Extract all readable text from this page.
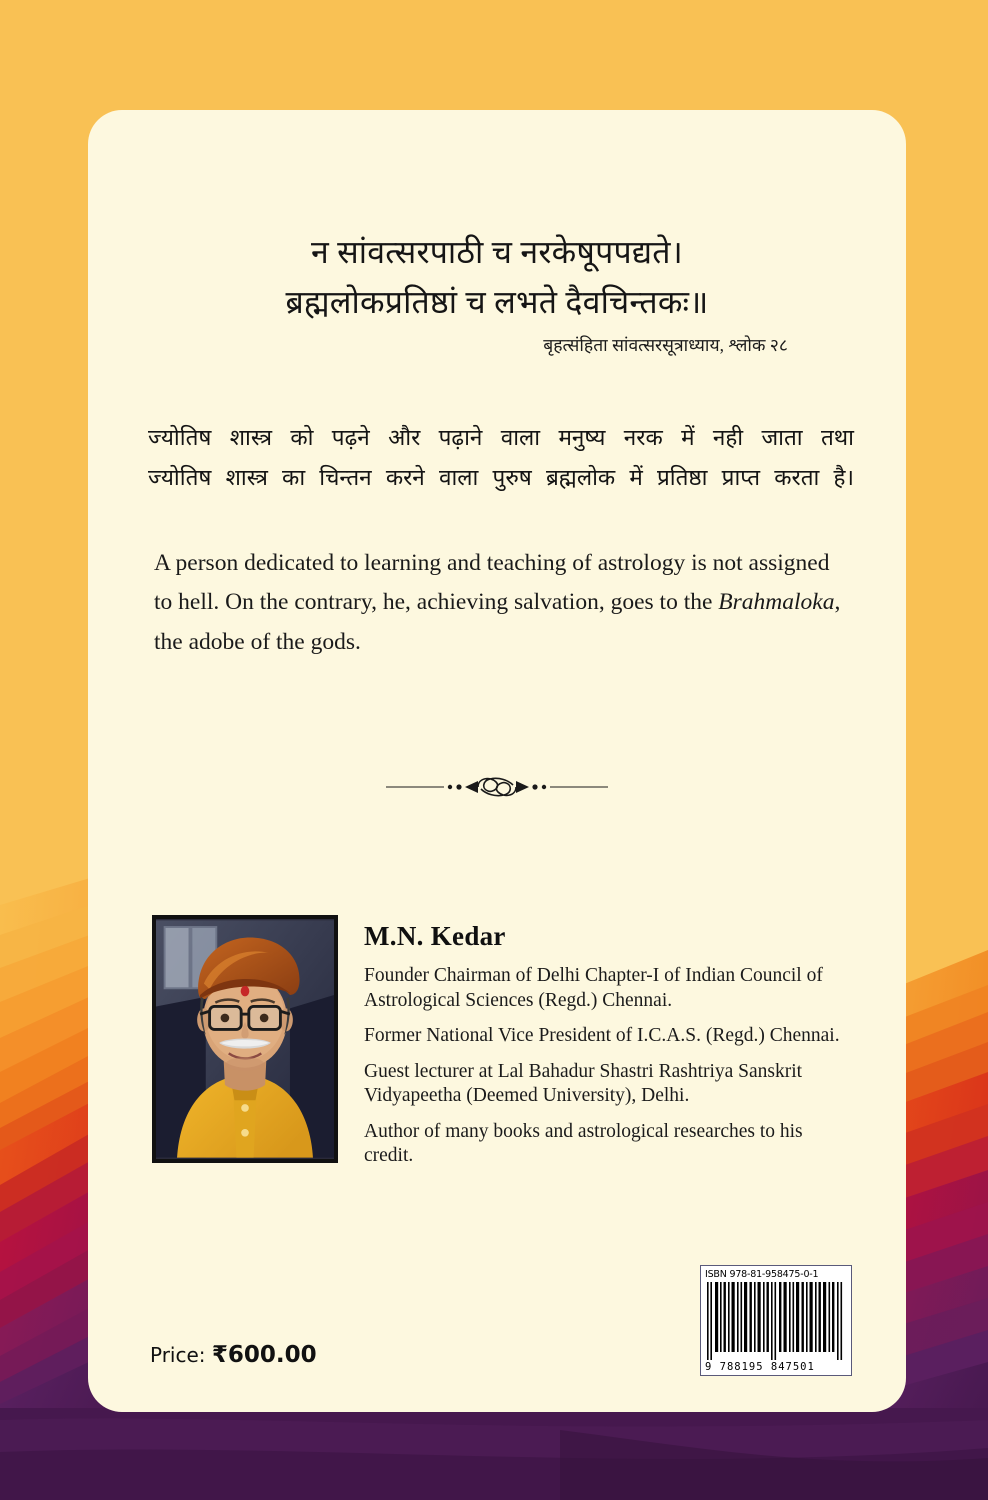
न सांवत्सरपाठी च नरकेषूपपद्यते।
ब्रह्मलोकप्रतिष्ठां च लभते दैवचिन्तकः॥
बृहत्संहिता सांवत्सरसूत्राध्याय, श्लोक २८
ज्योतिष शास्त्र को पढ़ने और पढ़ाने वाला मनुष्य नरक में नही जाता तथा
ज्योतिष शास्त्र का चिन्तन करने वाला पुरुष ब्रह्मलोक में प्रतिष्ठा प्राप्त करता है।
A person dedicated to learning and teaching of astrology is not assigned to hell. On the contrary, he, achieving salvation, goes to the Brahmaloka, the adobe of the gods.
M.N. Kedar
Founder Chairman of Delhi Chapter-I of Indian Council of Astrological Sciences (Regd.) Chennai.
Former National Vice President of I.C.A.S. (Regd.) Chennai.
Guest lecturer at Lal Bahadur Shastri Rashtriya Sanskrit Vidyapeetha (Deemed University), Delhi.
Author of many books and astrological researches to his credit.
Price: ₹600.00
ISBN 978-81-958475-0-1
9 788195 847501
